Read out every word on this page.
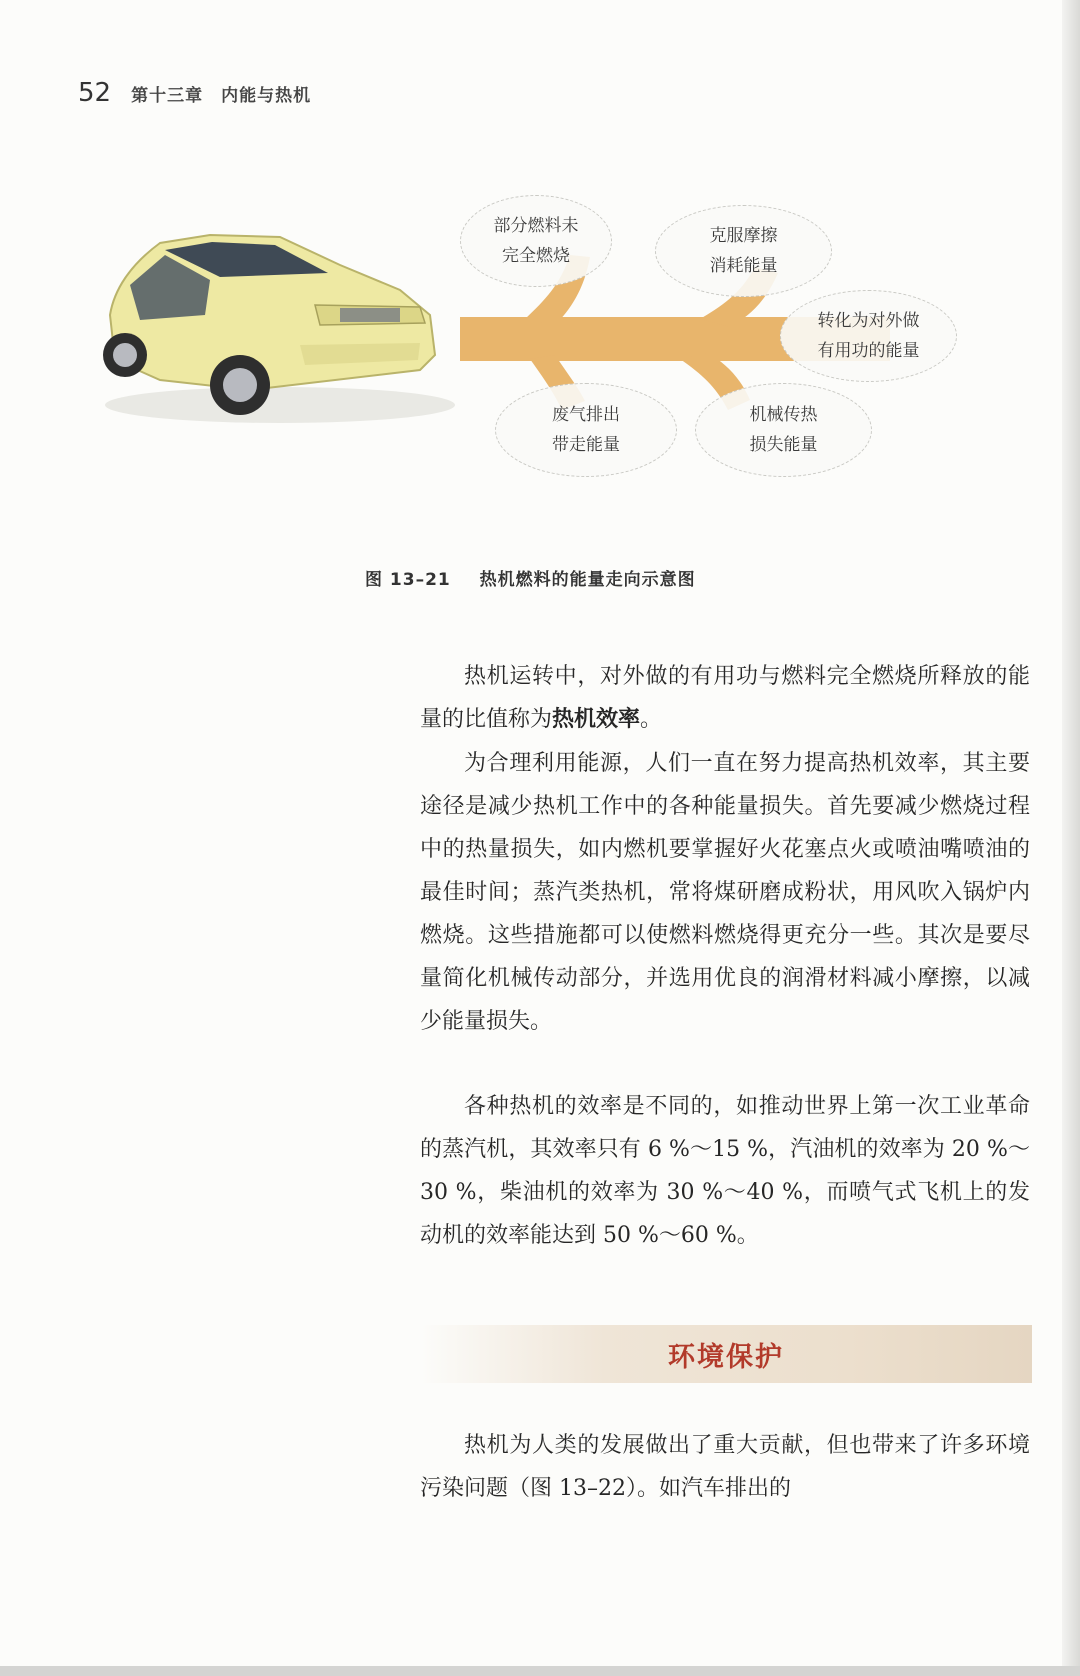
52 第十三章　内能与热机
部分燃料未
完全燃烧
克服摩擦
消耗能量
转化为对外做
有用功的能量
废气排出
带走能量
机械传热
损失能量
图 13–21 热机燃料的能量走向示意图

热机运转中，对外做的有用功与燃料完全燃烧所释放的能量的比值称为热机效率。

为合理利用能源，人们一直在努力提高热机效率，其主要途径是减少热机工作中的各种能量损失。首先要减少燃烧过程中的热量损失，如内燃机要掌握好火花塞点火或喷油嘴喷油的最佳时间；蒸汽类热机，常将煤研磨成粉状，用风吹入锅炉内燃烧。这些措施都可以使燃料燃烧得更充分一些。其次是要尽量简化机械传动部分，并选用优良的润滑材料减小摩擦，以减少能量损失。

各种热机的效率是不同的，如推动世界上第一次工业革命的蒸汽机，其效率只有 6 %～15 %，汽油机的效率为 20 %～30 %，柴油机的效率为 30 %～40 %，而喷气式飞机上的发动机的效率能达到 50 %～60 %。

环境保护

热机为人类的发展做出了重大贡献，但也带来了许多环境污染问题（图 13–22）。如汽车排出的
